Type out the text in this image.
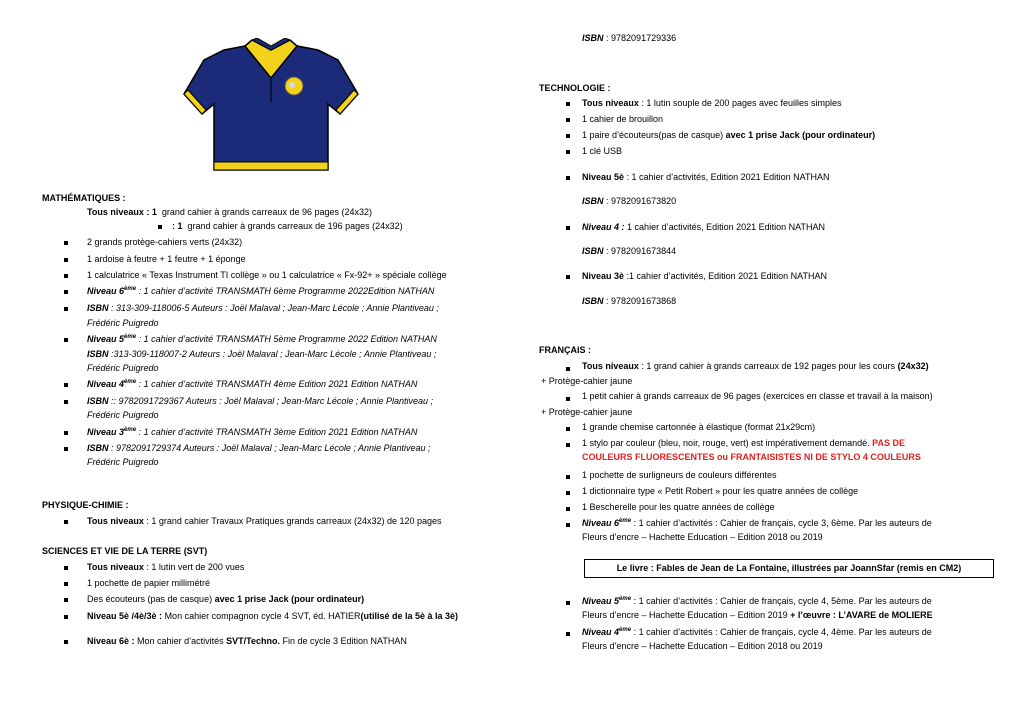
MATHÉMATIQUES :
Tous niveaux : 1 grand cahier à grands carreaux de 96 pages (24x32)
: 1 grand cahier à grands carreaux de 196 pages (24x32)
2 grands protège-cahiers verts (24x32)
1 ardoise à feutre + 1 feutre + 1 éponge
1 calculatrice « Texas Instrument TI collège » ou 1 calculatrice « Fx-92+ » spéciale collège
Niveau 6ème : 1 cahier d’activité TRANSMATH 6ème Programme 2022Edition NATHAN
ISBN : 313-309-118006-5 Auteurs : Joël Malaval ; Jean-Marc Lécole ; Annie Plantiveau ;
Frédéric Puigredo
Niveau 5ème : 1 cahier d’activité TRANSMATH 5ème Programme 2022 Edition NATHAN
ISBN :313-309-118007-2 Auteurs : Joël Malaval ; Jean-Marc Lécole ; Annie Plantiveau ;
Frédéric Puigredo
Niveau 4ème : 1 cahier d’activité TRANSMATH 4ème Edition 2021 Edition NATHAN
ISBN :: 9782091729367 Auteurs : Joël Malaval ; Jean-Marc Lécole ; Annie Plantiveau ;
Frédéric Puigredo
Niveau 3ème : 1 cahier d’activité TRANSMATH 3ème Edition 2021 Edition NATHAN
ISBN : 9782091729374 Auteurs : Joël Malaval ; Jean-Marc Lécole ; Annie Plantiveau ;
Frédéric Puigredo
PHYSIQUE-CHIMIE :
Tous niveaux : 1 grand cahier Travaux Pratiques grands carreaux (24x32) de 120 pages
SCIENCES ET VIE DE LA TERRE (SVT)
Tous niveaux : 1 lutin vert de 200 vues
1 pochette de papier millimétré
Des écouteurs (pas de casque) avec 1 prise Jack (pour ordinateur)
Niveau 5è /4è/3è : Mon cahier compagnon cycle 4 SVT, éd. HATIER(utilisé de la 5è à la 3è)
Niveau 6è : Mon cahier d’activités SVT/Techno. Fin de cycle 3 Edition NATHAN
ISBN : 9782091729336
TECHNOLOGIE :
Tous niveaux : 1 lutin souple de 200 pages avec feuilles simples
1 cahier de brouillon
1 paire d’écouteurs(pas de casque) avec 1 prise Jack (pour ordinateur)
1 clé USB
Niveau 5è : 1 cahier d’activités, Edition 2021 Edition NATHAN
ISBN : 9782091673820
Niveau 4 : 1 cahier d’activités, Edition 2021 Edition NATHAN
ISBN : 9782091673844
Niveau 3è :1 cahier d’activités, Edition 2021 Edition NATHAN
ISBN : 9782091673868
FRANÇAIS :
Tous niveaux : 1 grand cahier à grands carreaux de 192 pages pour les cours (24x32)
+ Protège-cahier jaune
1 petit cahier à grands carreaux de 96 pages (exercices en classe et travail à la maison)
+ Protège-cahier jaune
1 grande chemise cartonnée à élastique (format 21x29cm)
1 stylo par couleur (bleu, noir, rouge, vert) est impérativement demandé. PAS DE
COULEURS FLUORESCENTES ou FRANTAISISTES NI DE STYLO 4 COULEURS
1 pochette de surligneurs de couleurs différentes
1 dictionnaire type « Petit Robert » pour les quatre années de collège
1 Bescherelle pour les quatre années de collège
Niveau 6ème : 1 cahier d’activités : Cahier de français, cycle 3, 6ème. Par les auteurs de
Fleurs d’encre – Hachette Education – Edition 2018 ou 2019
Le livre : Fables de Jean de La Fontaine, illustrées par JoannSfar (remis en CM2)
Niveau 5ème : 1 cahier d’activités : Cahier de français, cycle 4, 5ème. Par les auteurs de
Fleurs d’encre – Hachette Education – Edition 2019 + l’œuvre : L’AVARE de MOLIERE
Niveau 4ème : 1 cahier d’activités : Cahier de français, cycle 4, 4ème. Par les auteurs de
Fleurs d’encre – Hachette Education – Edition 2018 ou 2019
